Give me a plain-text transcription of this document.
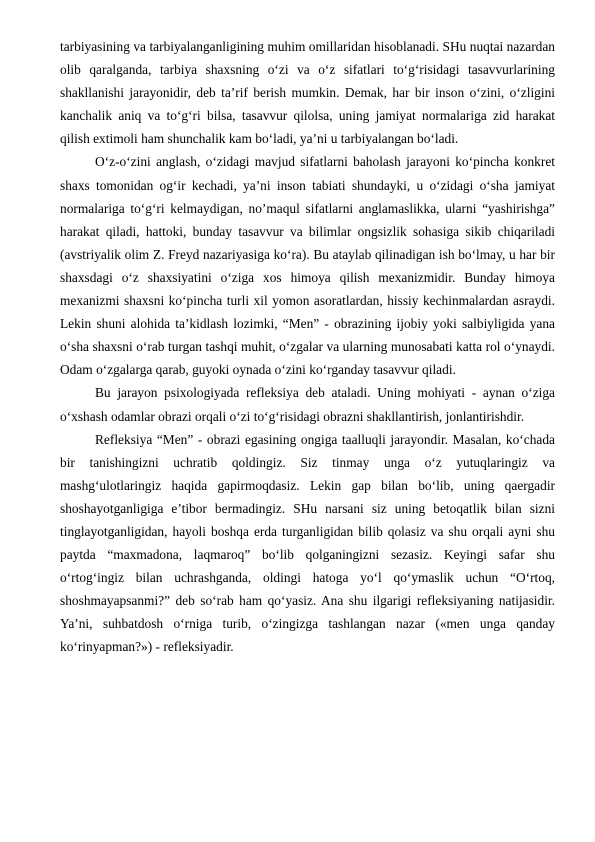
tarbiyasining va tarbiyalanganligining muhim omillaridan hisoblanadi. SHu nuqtai nazardan olib qaralganda, tarbiya shaxsning o‘zi va o‘z sifatlari to‘g‘risidagi tasavvurlarining shakllanishi jarayonidir, deb ta’rif berish mumkin. Demak, har bir inson o‘zini, o‘zligini kanchalik aniq va to‘g‘ri bilsa, tasavvur qilolsa, uning jamiyat normalariga zid harakat qilish extimoli ham shunchalik kam bo‘ladi, ya’ni u tarbiyalangan bo‘ladi.

O‘z-o‘zini anglash, o‘zidagi mavjud sifatlarni baholash jarayoni ko‘pincha konkret shaxs tomonidan og‘ir kechadi, ya’ni inson tabiati shundayki, u o‘zidagi o‘sha jamiyat normalariga to‘g‘ri kelmaydigan, no’maqul sifatlarni anglamaslikka, ularni “yashirishga” harakat qiladi, hattoki, bunday tasavvur va bilimlar ongsizlik sohasiga sikib chiqariladi (avstriyalik olim Z. Freyd nazariyasiga ko‘ra). Bu ataylab qilinadigan ish bo‘lmay, u har bir shaxsdagi o‘z shaxsiyatini o‘ziga xos himoya qilish mexanizmidir. Bunday himoya mexanizmi shaxsni ko‘pincha turli xil yomon asoratlardan, hissiy kechinmalardan asraydi. Lekin shuni alohida ta’kidlash lozimki, “Men” - obrazining ijobiy yoki salbiyligida yana o‘sha shaxsni o‘rab turgan tashqi muhit, o‘zgalar va ularning munosabati katta rol o‘ynaydi. Odam o‘zgalarga qarab, guyoki oynada o‘zini ko‘rganday tasavvur qiladi.

Bu jarayon psixologiyada refleksiya deb ataladi. Uning mohiyati - aynan o‘ziga o‘xshash odamlar obrazi orqali o‘zi to‘g‘risidagi obrazni shakllantirish, jonlantirishdir.

Refleksiya “Men” - obrazi egasining ongiga taalluqli jarayondir. Masalan, ko‘chada bir tanishingizni uchratib qoldingiz. Siz tinmay unga o‘z yutuqlaringiz va mashg‘ulotlaringiz haqida gapirmoqdasiz. Lekin gap bilan bo‘lib, uning qaergadir shoshayotganligiga e’tibor bermadingiz. SHu narsani siz uning betoqatlik bilan sizni tinglayotganligidan, hayoli boshqa erda turganligidan bilib qolasiz va shu orqali ayni shu paytda “maxmadona, laqmaroq” bo‘lib qolganingizni sezasiz. Keyingi safar shu o‘rtog‘ingiz bilan uchrashganda, oldingi hatoga yo‘l qo‘ymaslik uchun “O‘rtoq, shoshmayapsanmi?” deb so‘rab ham qo‘yasiz. Ana shu ilgarigi refleksiyaning natijasidir. Ya’ni, suhbatdosh o‘rniga turib, o‘zingizga tashlangan nazar («men unga qanday ko‘rinyapman?») - refleksiyadir.
